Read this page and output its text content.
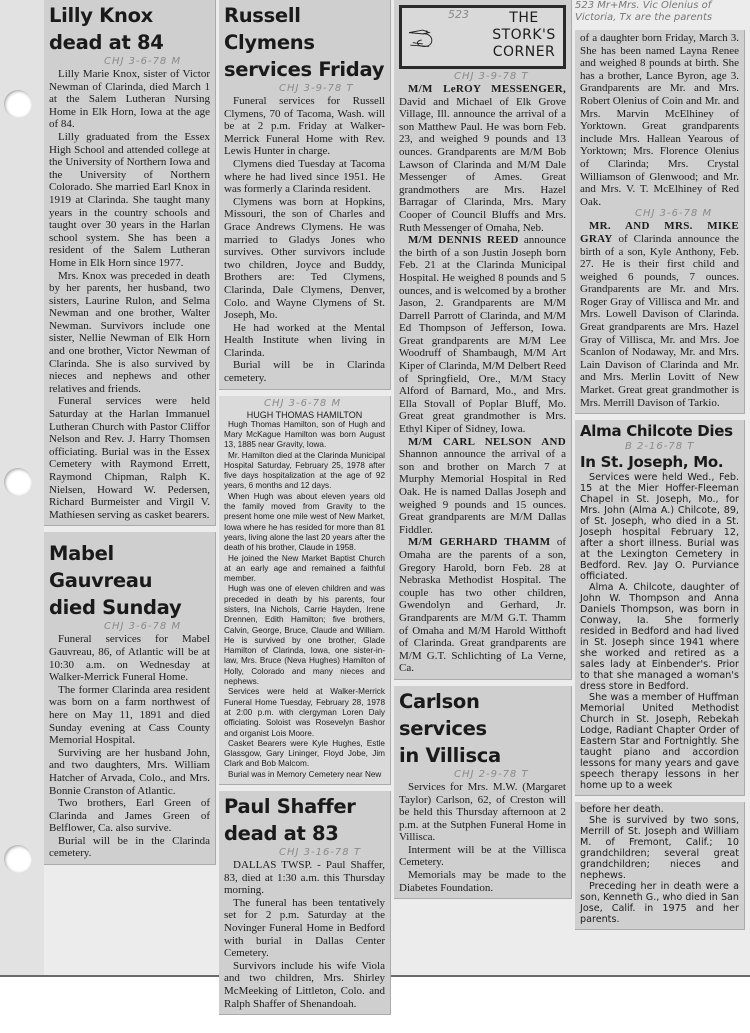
Lilly Knox
dead at 84

CHJ 3-6-78 M

Lilly Marie Knox, sister of Victor Newman of Clarinda, died March 1 at the Salem Lutheran Nursing Home in Elk Horn, Iowa at the age of 84.

Lilly graduated from the Essex High School and attended college at the University of Northern Iowa and the University of Northern Colorado. She married Earl Knox in 1919 at Clarinda. She taught many years in the country schools and taught over 30 years in the Harlan school system. She has been a resident of the Salem Lutheran Home in Elk Horn since 1977.

Mrs. Knox was preceded in death by her parents, her husband, two sisters, Laurine Rulon, and Selma Newman and one brother, Walter Newman. Survivors include one sister, Nellie Newman of Elk Horn and one brother, Victor Newman of Clarinda. She is also survived by nieces and nephews and other relatives and friends.

Funeral services were held Saturday at the Harlan Immanuel Lutheran Church with Pastor Cliffor Nelson and Rev. J. Harry Thomsen officiating. Burial was in the Essex Cemetery with Raymond Errett, Raymond Chipman, Ralph K. Nielsen, Howard W. Pedersen, Richard Burmeister and Virgil V. Mathiesen serving as casket bearers.

Mabel Gauvreau
died Sunday

CHJ 3-6-78 M

Funeral services for Mabel Gauvreau, 86, of Atlantic will be at 10:30 a.m. on Wednesday at Walker-Merrick Funeral Home.

The former Clarinda area resident was born on a farm northwest of here on May 11, 1891 and died Sunday evening at Cass County Memorial Hospital.

Surviving are her husband John, and two daughters, Mrs. William Hatcher of Arvada, Colo., and Mrs. Bonnie Cranston of Atlantic.

Two brothers, Earl Green of Clarinda and James Green of Belflower, Ca. also survive.

Burial will be in the Clarinda cemetery.

Russell Clymens
services Friday

CHJ 3-9-78 T

Funeral services for Russell Clymens, 70 of Tacoma, Wash. will be at 2 p.m. Friday at Walker-Merrick Funeral Home with Rev. Lewis Hunter in charge.

Clymens died Tuesday at Tacoma where he had lived since 1951. He was formerly a Clarinda resident.

Clymens was born at Hopkins, Missouri, the son of Charles and Grace Andrews Clymens. He was married to Gladys Jones who survives. Other survivors include two children, Joyce and Buddy, Brothers are: Ted Clymens, Clarinda, Dale Clymens, Denver, Colo. and Wayne Clymens of St. Joseph, Mo.

He had worked at the Mental Health Institute when living in Clarinda.

Burial will be in Clarinda cemetery.

CHJ 3-6-78 M

HUGH THOMAS HAMILTON

Hugh Thomas Hamilton, son of Hugh and Mary McKague Hamilton was born August 13, 1885 near Gravity, Iowa.

Mr. Hamilton died at the Clarinda Municipal Hospital Saturday, February 25, 1978 after five days hospitalization at the age of 92 years, 6 months and 12 days.

When Hugh was about eleven years old the family moved from Gravity to the present home one mile west of New Market, Iowa where he has resided for more than 81 years, living alone the last 20 years after the death of his brother, Claude in 1958.

He joined the New Market Baptist Church at an early age and remained a faithful member.

Hugh was one of eleven children and was preceded in death by his parents, four sisters, Ina Nichols, Carrie Hayden, Irene Drennen, Edith Hamilton; five brothers, Calvin, George, Bruce, Claude and William. He is survived by one brother, Glade Hamilton of Clarinda, Iowa, one sister-in-law, Mrs. Bruce (Neva Hughes) Hamilton of Holly, Colorado and many nieces and nephews.

Services were held at Walker-Merrick Funeral Home Tuesday, February 28, 1978 at 2:00 p.m. with clergyman Loren Daly officiating. Soloist was Rosevelyn Bashor and organist Lois Moore.

Casket Bearers were Kyle Hughes, Estle Glassgow, Gary Lininger, Floyd Jobe, Jim Clark and Bob Malcom.

Burial was in Memory Cemetery near New

Paul Shaffer
dead at 83

CHJ 3-16-78 T

DALLAS TWSP. - Paul Shaffer, 83, died at 1:30 a.m. this Thursday morning.

The funeral has been tentatively set for 2 p.m. Saturday at the Novinger Funeral Home in Bedford with burial in Dallas Center Cemetery.

Survivors include his wife Viola and two children, Mrs. Shirley McMeeking of Littleton, Colo. and Ralph Shaffer of Shenandoah.

523	THE STORK'S CORNER

CHJ 3-9-78 T

M/M LeROY MESSENGER, David and Michael of Elk Grove Village, Ill. announce the arrival of a son Matthew Paul. He was born Feb. 23, and weighed 9 pounds and 13 ounces. Grandparents are M/M Bob Lawson of Clarinda and M/M Dale Messenger of Ames. Great grandmothers are Mrs. Hazel Barragar of Clarinda, Mrs. Mary Cooper of Council Bluffs and Mrs. Ruth Messenger of Omaha, Neb.

M/M DENNIS REED announce the birth of a son Justin Joseph born Feb. 21 at the Clarinda Municipal Hospital. He weighed 8 pounds and 5 ounces, and is welcomed by a brother Jason, 2. Grandparents are M/M Darrell Parrott of Clarinda, and M/M Ed Thompson of Jefferson, Iowa. Great grandparents are M/M Lee Woodruff of Shambaugh, M/M Art Kiper of Clarinda, M/M Delbert Reed of Springfield, Ore., M/M Stacy Alford of Barnard, Mo., and Mrs. Ella Stovall of Poplar Bluff, Mo. Great great grandmother is Mrs. Ethyl Kiper of Sidney, Iowa.

M/M CARL NELSON AND Shannon announce the arrival of a son and brother on March 7 at Murphy Memorial Hospital in Red Oak. He is named Dallas Joseph and weighed 9 pounds and 15 ounces. Great grandparents are M/M Dallas Fiddler.

M/M GERHARD THAMM of Omaha are the parents of a son, Gregory Harold, born Feb. 28 at Nebraska Methodist Hospital. The couple has two other children, Gwendolyn and Gerhard, Jr. Grandparents are M/M G.T. Thamm of Omaha and M/M Harold Witthoft of Clarinda. Great grandparents are M/M G.T. Schlichting of La Verne, Ca.

Carlson services
in Villisca

CHJ 2-9-78 T

Services for Mrs. M.W. (Margaret Taylor) Carlson, 62, of Creston will be held this Thursday afternoon at 2 p.m. at the Sutphen Funeral Home in Villisca.

Interment will be at the Villisca Cemetery.

Memorials may be made to the Diabetes Foundation.

523 Mr+Mrs. Vic Olenius of Victoria, Tx are the parents

of a daughter born Friday, March 3. She has been named Layna Renee and weighed 8 pounds at birth. She has a brother, Lance Byron, age 3. Grandparents are Mr. and Mrs. Robert Olenius of Coin and Mr. and Mrs. Marvin McElhiney of Yorktown. Great grandparents include Mrs. Hallean Yearous of Yorktown; Mrs. Florence Olenius of Clarinda; Mrs. Crystal Williamson of Glenwood; and Mr. and Mrs. V. T. McElhiney of Red Oak.

CHJ 3-6-78 M

MR. AND MRS. MIKE GRAY of Clarinda announce the birth of a son, Kyle Anthony, Feb. 27. He is their first child and weighed 6 pounds, 7 ounces. Grandparents are Mr. and Mrs. Roger Gray of Villisca and Mr. and Mrs. Lowell Davison of Clarinda. Great grandparents are Mrs. Hazel Gray of Villisca, Mr. and Mrs. Joe Scanlon of Nodaway, Mr. and Mrs. Lain Davison of Clarinda and Mr. and Mrs. Merlin Lovitt of New Market. Great great grandmother is Mrs. Merrill Davison of Tarkio.

Alma Chilcote Dies

B 2-16-78 T

In St. Joseph, Mo.

Services were held Wed., Feb. 15 at the Mier Hoffer-Fleeman Chapel in St. Joseph, Mo., for Mrs. John (Alma A.) Chilcote, 89, of St. Joseph, who died in a St. Joseph hospital February 12, after a short illness. Burial was at the Lexington Cemetery in Bedford. Rev. Jay O. Purviance officiated.

Alma A. Chilcote, daughter of John W. Thompson and Anna Daniels Thompson, was born in Conway, Ia. She formerly resided in Bedford and had lived in St. Joseph since 1941 where she worked and retired as a sales lady at Einbender's. Prior to that she managed a woman's dress store in Bedford.

She was a member of Huffman Memorial United Methodist Church in St. Joseph, Rebekah Lodge, Radiant Chapter Order of Eastern Star and Fortnightly. She taught piano and accordion lessons for many years and gave speech therapy lessons in her home up to a week

before her death.

She is survived by two sons, Merrill of St. Joseph and William M. of Fremont, Calif.; 10 grandchildren; several great grandchildren; nieces and nephews.

Preceding her in death were a son, Kenneth G., who died in San Jose, Calif. in 1975 and her parents.
